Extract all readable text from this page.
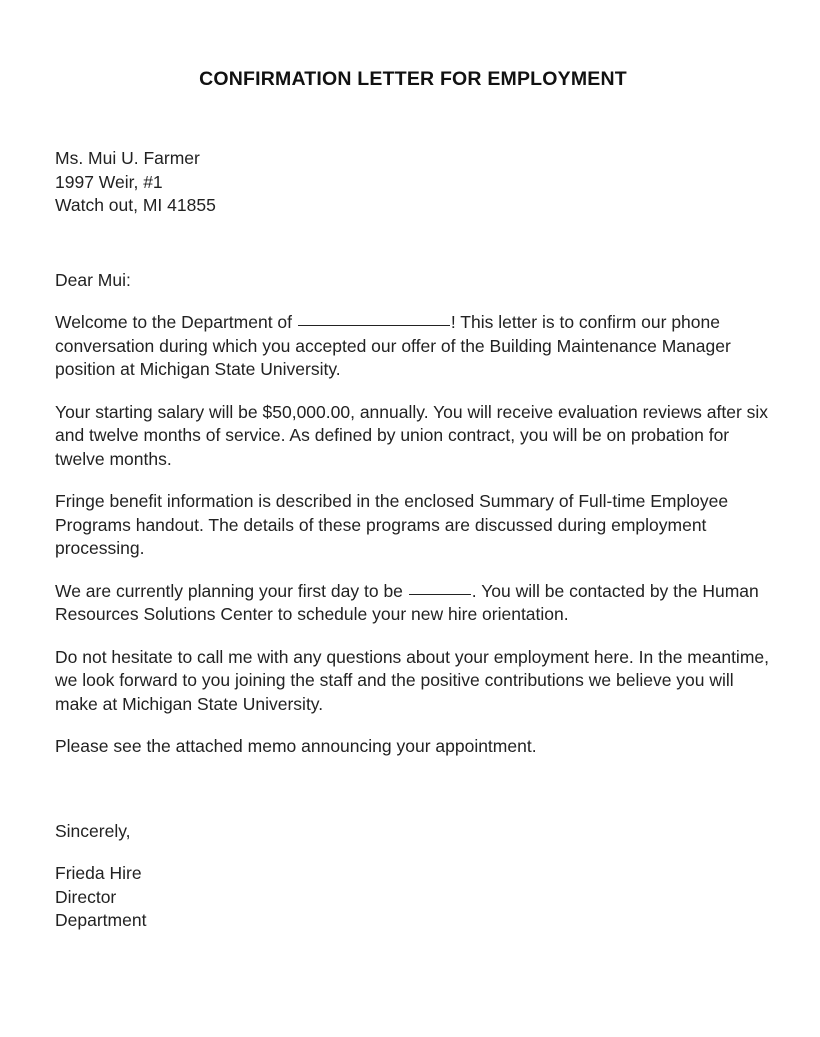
CONFIRMATION LETTER FOR EMPLOYMENT
Ms. Mui U. Farmer
1997 Weir, #1
Watch out, MI 41855
Dear Mui:

Welcome to the Department of	! This letter is to confirm our phone conversation during which you accepted our offer of the Building Maintenance Manager position at Michigan State University.

Your starting salary will be $50,000.00, annually. You will receive evaluation reviews after six and twelve months of service. As defined by union contract, you will be on probation for twelve months.

Fringe benefit information is described in the enclosed Summary of Full-time Employee Programs handout. The details of these programs are discussed during employment processing.

We are currently planning your first day to be	. You will be contacted by the Human Resources Solutions Center to schedule your new hire orientation.

Do not hesitate to call me with any questions about your employment here. In the meantime, we look forward to you joining the staff and the positive contributions we believe you will make at Michigan State University.

Please see the attached memo announcing your appointment.

Sincerely,
Frieda Hire
Director
Department
